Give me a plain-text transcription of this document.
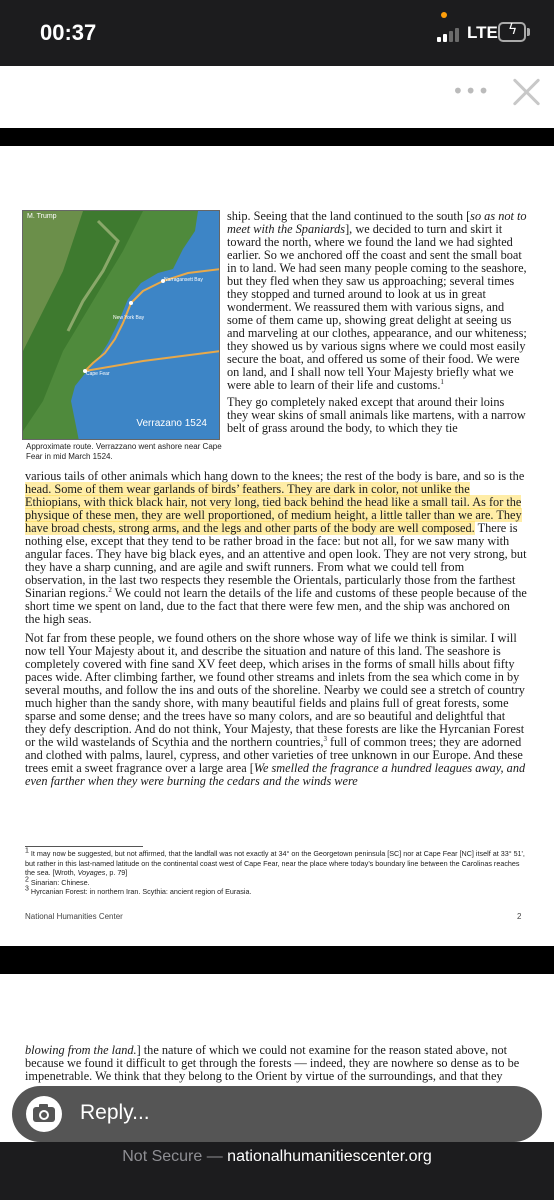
00:37	LTE ϟ
•••
M. Trump
Narragansett Bay
New York Bay
Cape Fear
Verrazano 1524
Approximate route. Verrazzano went ashore near Cape Fear in mid March 1524.

ship. Seeing that the land continued to the south [so as not to meet with the Spaniards], we decided to turn and skirt it toward the north, where we found the land we had sighted earlier. So we anchored off the coast and sent the small boat in to land. We had seen many people coming to the seashore, but they fled when they saw us approaching; several times they stopped and turned around to look at us in great wonderment. We reassured them with various signs, and some of them came up, showing great delight at seeing us and marveling at our clothes, appearance, and our whiteness; they showed us by various signs where we could most easily secure the boat, and offered us some of their food. We were on land, and I shall now tell Your Majesty briefly what we were able to learn of their life and customs.$^1$

They go completely naked except that around their loins they wear skins of small animals like martens, with a narrow belt of grass around the body, to which they tie

various tails of other animals which hang down to the knees; the rest of the body is bare, and so is the head. Some of them wear garlands of birds’ feathers. They are dark in color, not unlike the Ethiopians, with thick black hair, not very long, tied back behind the head like a small tail. As for the physique of these men, they are well proportioned, of medium height, a little taller than we are. They have broad chests, strong arms, and the legs and other parts of the body are well composed. There is nothing else, except that they tend to be rather broad in the face: but not all, for we saw many with angular faces. They have big black eyes, and an attentive and open look. They are not very strong, but they have a sharp cunning, and are agile and swift runners. From what we could tell from observation, in the last two respects they resemble the Orientals, particularly those from the farthest Sinarian regions.$^2$ We could not learn the details of the life and customs of these people because of the short time we spent on land, due to the fact that there were few men, and the ship was anchored on the high seas.

Not far from these people, we found others on the shore whose way of life we think is similar. I will now tell Your Majesty about it, and describe the situation and nature of this land. The seashore is completely covered with fine sand XV feet deep, which arises in the forms of small hills about fifty paces wide. After climbing farther, we found other streams and inlets from the sea which come in by several mouths, and follow the ins and outs of the shoreline. Nearby we could see a stretch of country much higher than the sandy shore, with many beautiful fields and plains full of great forests, some sparse and some dense; and the trees have so many colors, and are so beautiful and delightful that they defy description. And do not think, Your Majesty, that these forests are like the Hyrcanian Forest or the wild wastelands of Scythia and the northern countries,$^3$ full of common trees; they are adorned and clothed with palms, laurel, cypress, and other varieties of tree unknown in our Europe. And these trees emit a sweet fragrance over a large area [We smelled the fragrance a hundred leagues away, and even farther when they were burning the cedars and the winds were

$^1$ It may now be suggested, but not affirmed, that the landfall was not exactly at 34° on the Georgetown peninsula [SC] nor at Cape Fear [NC] itself at 33° 51', but rather in this last-named latitude on the continental coast west of Cape Fear, near the place where today’s boundary line between the Carolinas reaches the sea. [Wroth, Voyages, p. 79]

$^2$ Sinarian: Chinese.

$^3$ Hyrcanian Forest: in northern Iran. Scythia: ancient region of Eurasia.

National Humanities Center	2

blowing from the land.] the nature of which we could not examine for the reason stated above, not because we found it difficult to get through the forests — indeed, they are nowhere so dense as to be impenetrable. We think that they belong to the Orient by virtue of the surroundings, and that they

Reply...
Not Secure — nationalhumanitiescenter.org
